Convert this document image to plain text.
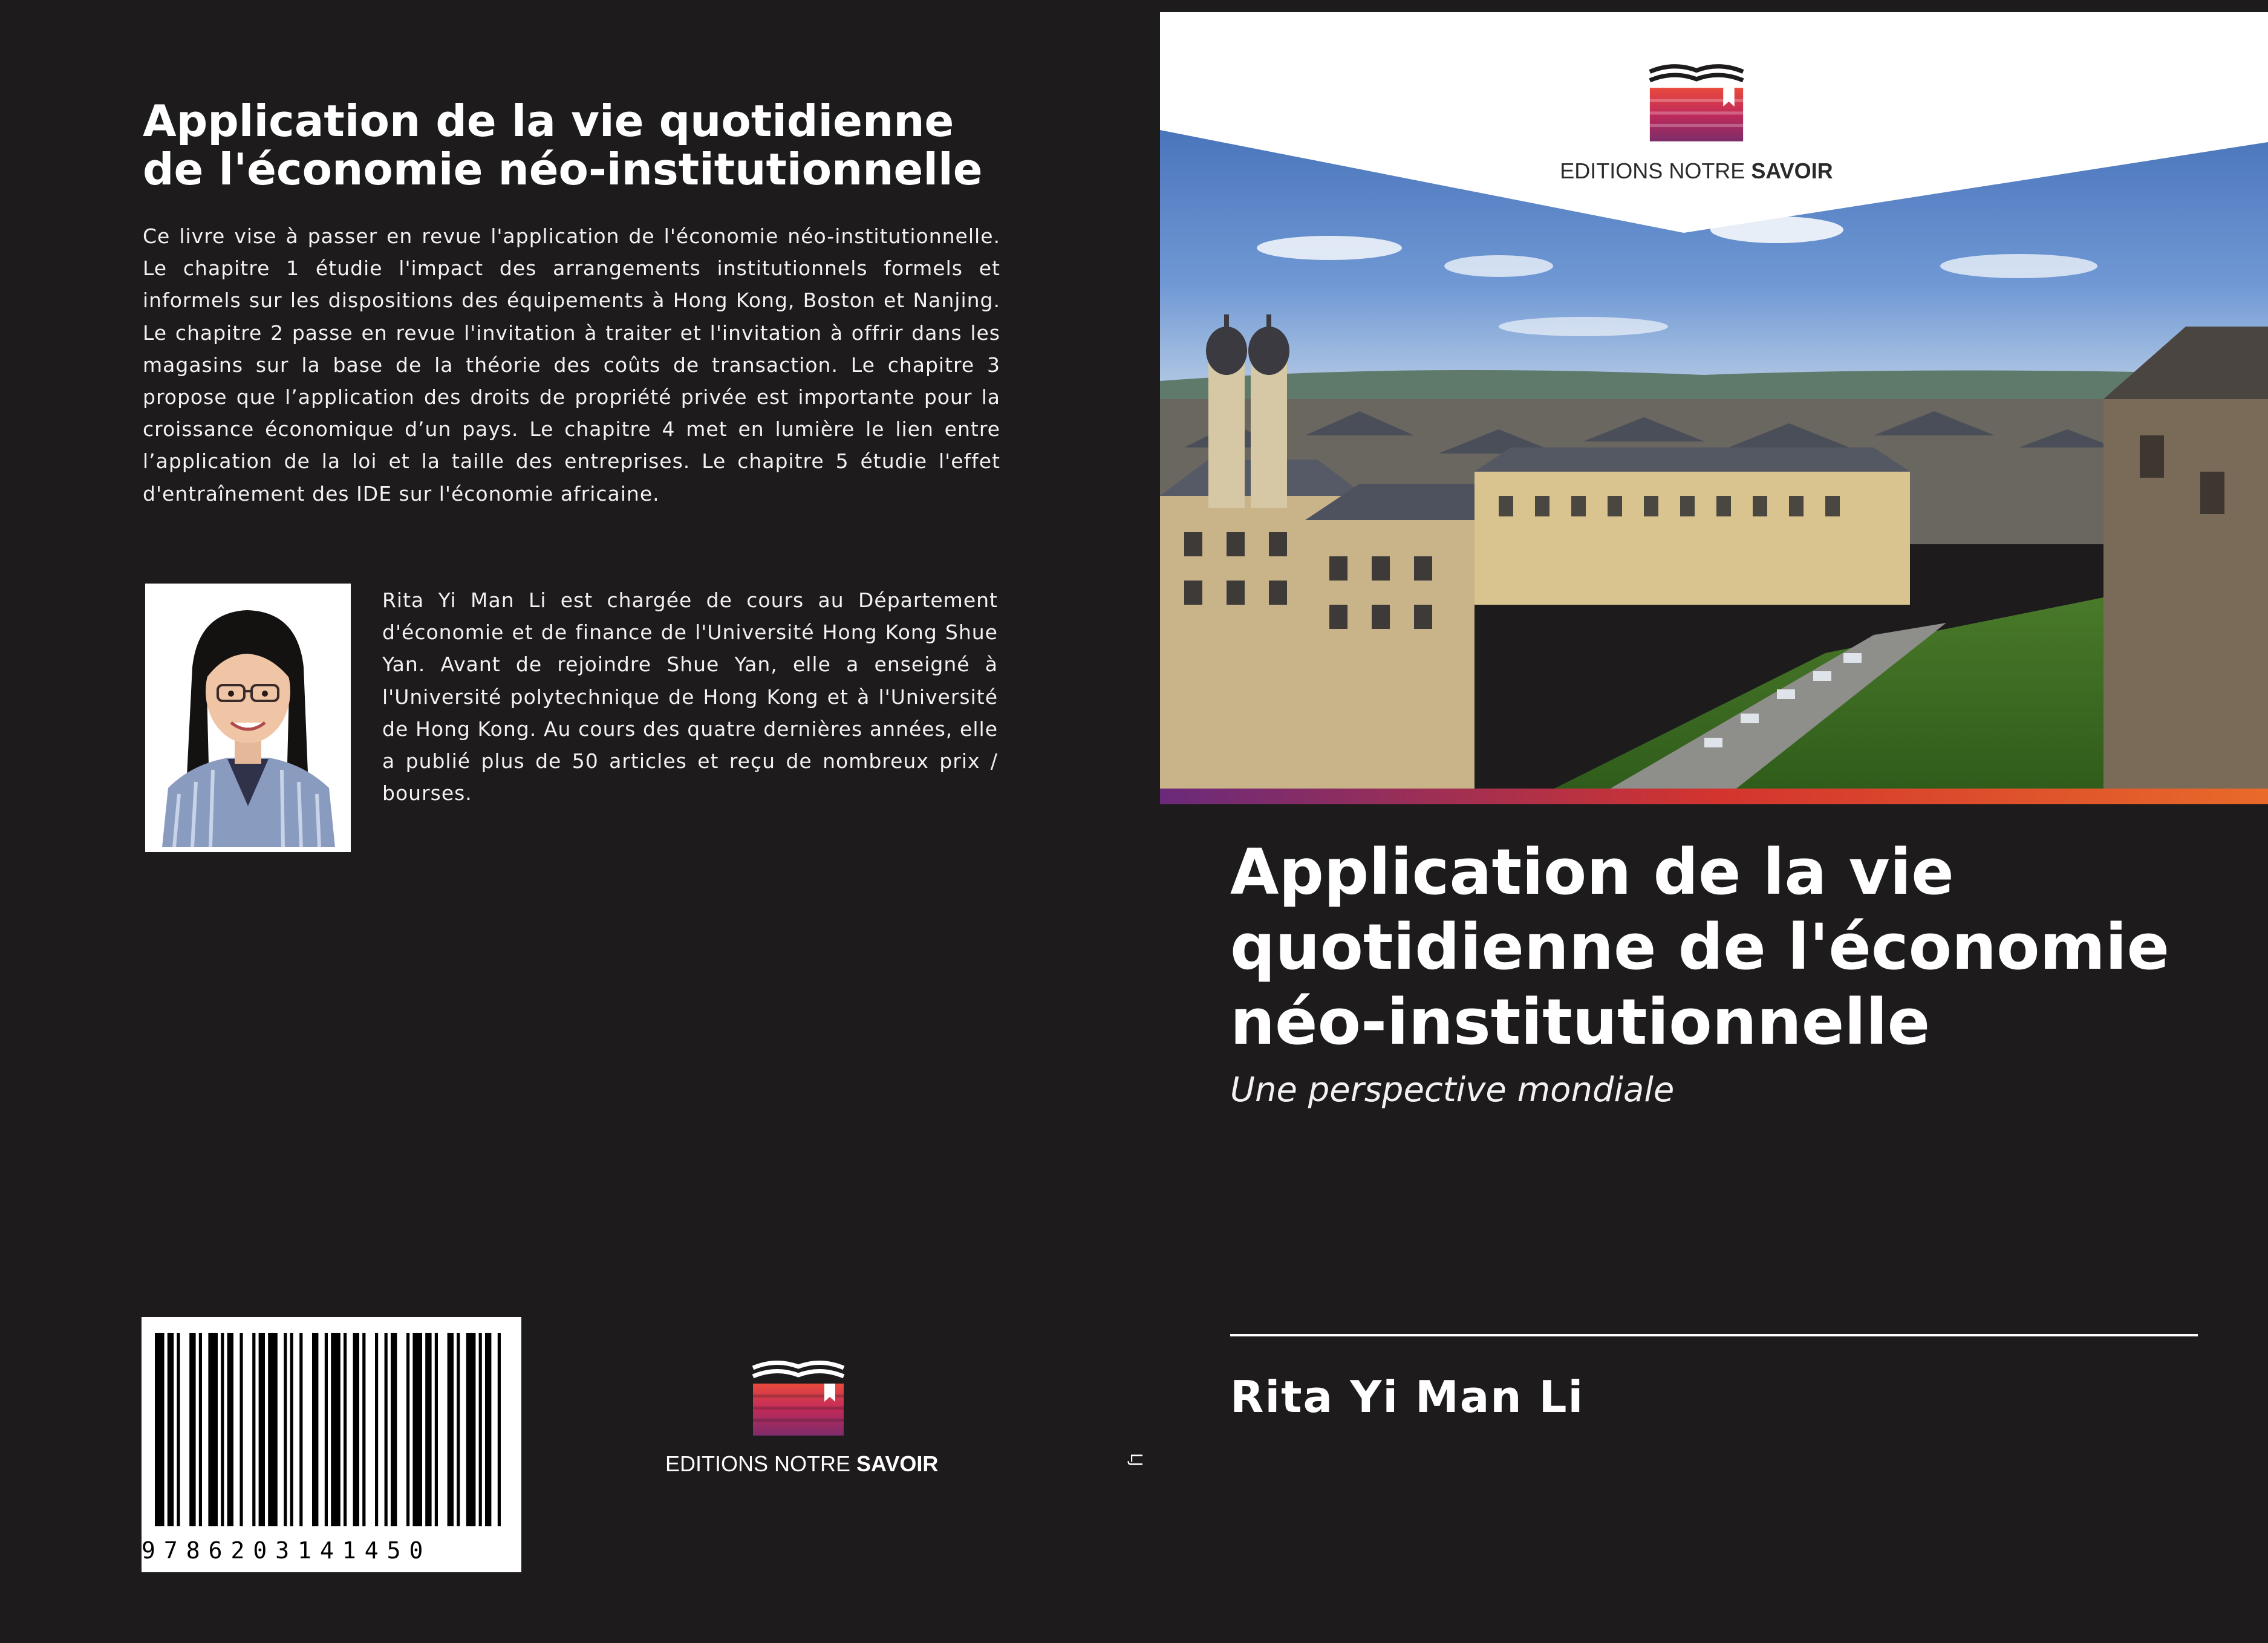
Application de la vie quotidienne
de l'économie néo-institutionnelle

Ce livre vise à passer en revue l'application de l'économie néo-institutionnelle. Le chapitre 1 étudie l'impact des arrangements institutionnels formels et informels sur les dispositions des équipements à Hong Kong, Boston et Nanjing. Le chapitre 2 passe en revue l'invitation à traiter et l'invitation à offrir dans les magasins sur la base de la théorie des coûts de transaction. Le chapitre 3 propose que l’application des droits de propriété privée est importante pour la croissance économique d’un pays. Le chapitre 4 met en lumière le lien entre l’application de la loi et la taille des entreprises. Le chapitre 5 étudie l'effet d'entraînement des IDE sur l'économie africaine.

Rita Yi Man Li est chargée de cours au Département d'économie et de finance de l'Université Hong Kong Shue Yan. Avant de rejoindre Shue Yan, elle a enseigné à l'Université polytechnique de Hong Kong et à l'Université de Hong Kong. Au cours des quatre dernières années, elle a publié plus de 50 articles et reçu de nombreux prix / bourses.

9786203141450
EDITIONS NOTRE SAVOIR	LJ
EDITIONS NOTRE SAVOIR
Application de la vie
quotidienne de l'économie
néo-institutionnelle

Une perspective mondiale

Rita Yi Man Li
